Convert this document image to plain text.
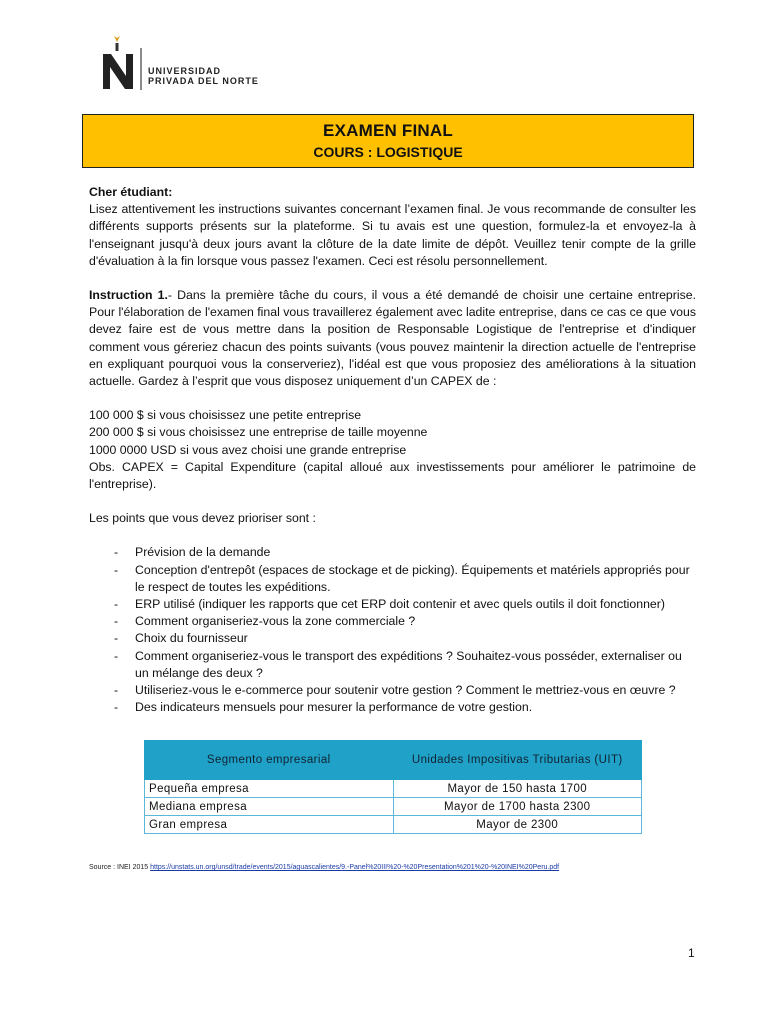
UNIVERSIDAD
PRIVADA DEL NORTE
EXAMEN FINAL
COURS : LOGISTIQUE

Cher étudiant:

Lisez attentivement les instructions suivantes concernant l’examen final. Je vous recommande de consulter les différents supports présents sur la plateforme. Si tu avais est une question, formulez-la et envoyez-la à l'enseignant jusqu'à deux jours avant la clôture de la date limite de dépôt. Veuillez tenir compte de la grille d'évaluation à la fin lorsque vous passez l'examen. Ceci est résolu personnellement.

Instruction 1.- Dans la première tâche du cours, il vous a été demandé de choisir une certaine entreprise. Pour l'élaboration de l'examen final vous travaillerez également avec ladite entreprise, dans ce cas ce que vous devez faire est de vous mettre dans la position de Responsable Logistique de l'entreprise et d'indiquer comment vous géreriez chacun des points suivants (vous pouvez maintenir la direction actuelle de l'entreprise en expliquant pourquoi vous la conserveriez), l'idéal est que vous proposiez des améliorations à la situation actuelle. Gardez à l’esprit que vous disposez uniquement d’un CAPEX de :

100 000 $ si vous choisissez une petite entreprise

200 000 $ si vous choisissez une entreprise de taille moyenne

1000 0000 USD si vous avez choisi une grande entreprise

Obs. CAPEX = Capital Expenditure (capital alloué aux investissements pour améliorer le patrimoine de l'entreprise).

Les points que vous devez prioriser sont :

- Prévision de la demande
- Conception d'entrepôt (espaces de stockage et de picking). Équipements et matériels appropriés pour le respect de toutes les expéditions.
- ERP utilisé (indiquer les rapports que cet ERP doit contenir et avec quels outils il doit fonctionner)
- Comment organiseriez-vous la zone commerciale ?
- Choix du fournisseur
- Comment organiseriez-vous le transport des expéditions ? Souhaitez-vous posséder, externaliser ou un mélange des deux ?
- Utiliseriez-vous le e-commerce pour soutenir votre gestion ? Comment le mettriez-vous en œuvre ?
- Des indicateurs mensuels pour mesurer la performance de votre gestion.
Segmento empresarial	Unidades Impositivas Tributarias (UIT)
Pequeña empresa	Mayor de 150 hasta 1700
Mediana empresa	Mayor de 1700 hasta 2300
Gran empresa	Mayor de 2300
Source : INEI 2015 https://unstats.un.org/unsd/trade/events/2015/aguascalientes/9.-Panel%20III%20-%20Presentation%201%20-%20INEI%20Peru.pdf
1
